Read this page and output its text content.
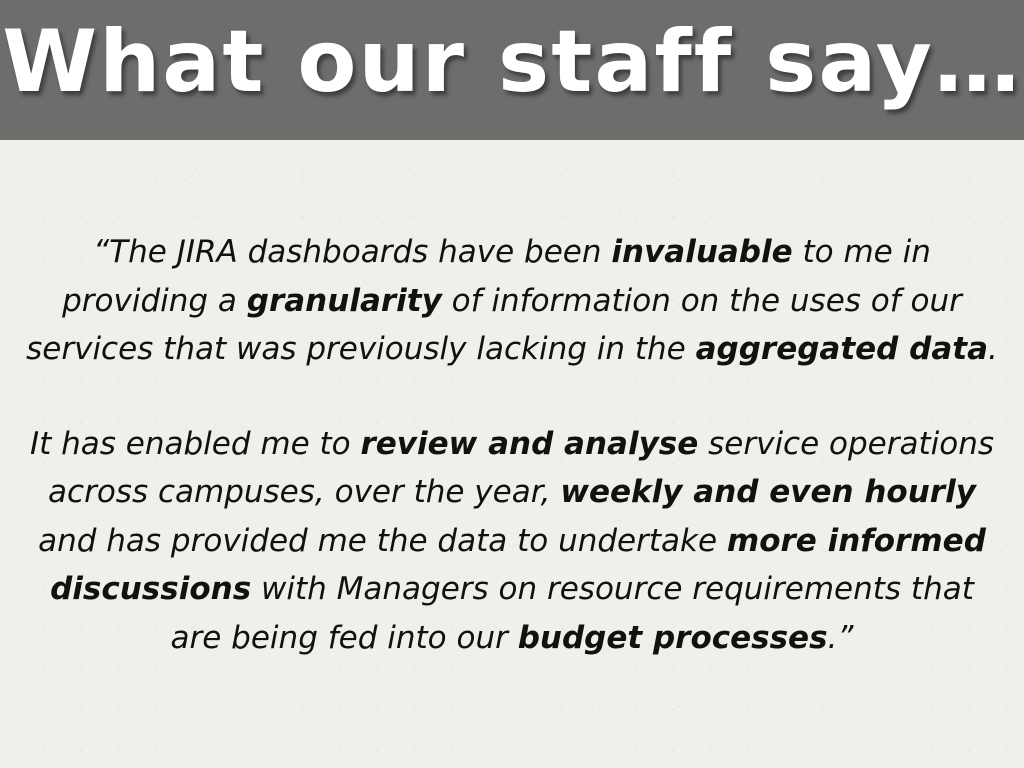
What our staff say…

“The JIRA dashboards have been invaluable to me in providing a granularity of information on the uses of our services that was previously lacking in the aggregated data.

It has enabled me to review and analyse service operations across campuses, over the year, weekly and even hourly and has provided me the data to undertake more informed discussions with Managers on resource requirements that are being fed into our budget processes.”
